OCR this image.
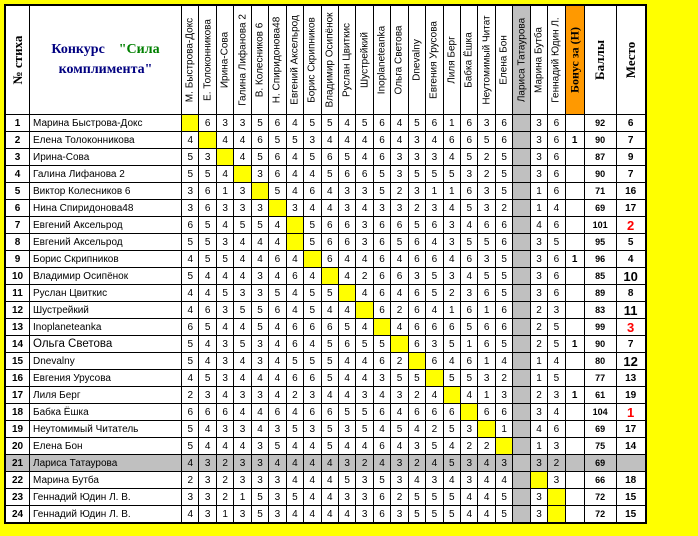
№ стиха	Конкурс "Сила
комплимента"	М. Быстрова-Докс	Е. Толоконникова	Ирина-Сова	Галина Лифанова 2	В. Колесников 6	Н. Спиридонова48	Евгений Аксельрод	Борис Скрипников	Владимир Осипёнок	Руслан Цвиткис	Шустрейкий	Inoplaneteanka	Ольга Светова	Dnevalny	Евгения Урусова	Лиля Берг	Бабка Ёшка	Неутомимый Читат	Елена Бон	Лариса Татаурова	Марина Бутба	Геннадий Юдин Л.	Бонус за (Н)	Баллы	Место

1	Марина Быстрова-Докс		6	3	3	5	6	4	5	5	4	5	6	4	5	6	1	6	3	6		3	6		92	6
2	Елена Толоконникова	4		4	4	6	5	5	3	4	4	4	6	4	3	4	6	6	5	6		3	6	1	90	7
3	Ирина-Сова	5	3		4	5	6	4	5	6	5	4	6	3	3	3	4	5	2	5		3	6		87	9
4	Галина Лифанова 2	5	5	4		3	6	4	4	5	6	6	5	3	5	5	5	3	2	5		3	6		90	7
5	Виктор Колесников 6	3	6	1	3		5	4	6	4	3	3	5	2	3	1	1	6	3	5		1	6		71	16
6	Нина Спиридонова48	3	6	3	3	3		3	4	4	3	4	3	3	2	3	4	5	3	2		1	4		69	17
7	Евгений Аксельрод	6	5	4	5	5	4		5	6	6	3	6	6	5	6	3	4	6	6		4	6		101	2
8	Евгений Аксельрод	5	5	3	4	4	4		5	6	6	3	6	5	6	4	3	5	5	6		3	5		95	5
9	Борис Скрипников	4	5	5	4	4	6	4		6	4	4	6	4	6	6	4	6	3	5		3	6	1	96	4
10	Владимир Осипёнок	5	4	4	4	3	4	6	4		4	2	6	6	3	5	3	4	5	5		3	6		85	10
11	Руслан Цвиткис	4	4	5	3	3	5	4	5	5		4	6	4	6	5	2	3	6	5		3	6		89	8
12	Шустрейкий	4	6	3	5	5	6	4	5	4	4		6	2	6	4	1	6	1	6		2	3		83	11
13	Inoplaneteanka	6	5	4	4	5	4	6	6	6	5	4		4	6	6	6	5	6	6		2	5		99	3
14	Ольга Светова	5	4	3	5	3	4	6	4	5	6	5	5		6	3	5	1	6	5		2	5	1	90	7
15	Dnevalny	5	4	3	4	3	4	5	5	5	4	4	6	2		6	4	6	1	4		1	4		80	12
16	Евгения Урусова	4	5	3	4	4	4	6	6	5	4	4	3	5	5		5	5	3	2		1	5		77	13
17	Лиля Берг	2	3	4	3	3	4	2	3	4	4	3	4	3	2	4		4	1	3		2	3	1	61	19
18	Бабка Ёшка	6	6	6	4	4	6	4	6	6	5	5	6	4	6	6	6		6	6		3	4		104	1
19	Неутомимый Читатель	5	4	3	3	4	3	5	3	5	3	5	4	5	4	2	5	3		1		4	6		69	17
20	Елена Бон	5	4	4	4	3	5	4	4	5	4	4	6	4	3	5	4	2	2			1	3		75	14
21	Лариса Татаурова	4	3	2	3	3	4	4	4	4	3	2	4	3	2	4	5	3	4	3		3	2		69	
22	Марина Бутба	2	3	2	3	3	3	4	4	4	5	3	5	3	4	3	4	3	4	4			3		66	18
23	Геннадий Юдин Л. В.	3	3	2	1	5	3	5	4	4	3	3	6	2	5	5	5	4	4	5		3			72	15
24	Геннадий Юдин Л. В.	4	3	1	3	5	3	4	4	4	4	3	6	3	5	5	5	4	4	5		3			72	15
